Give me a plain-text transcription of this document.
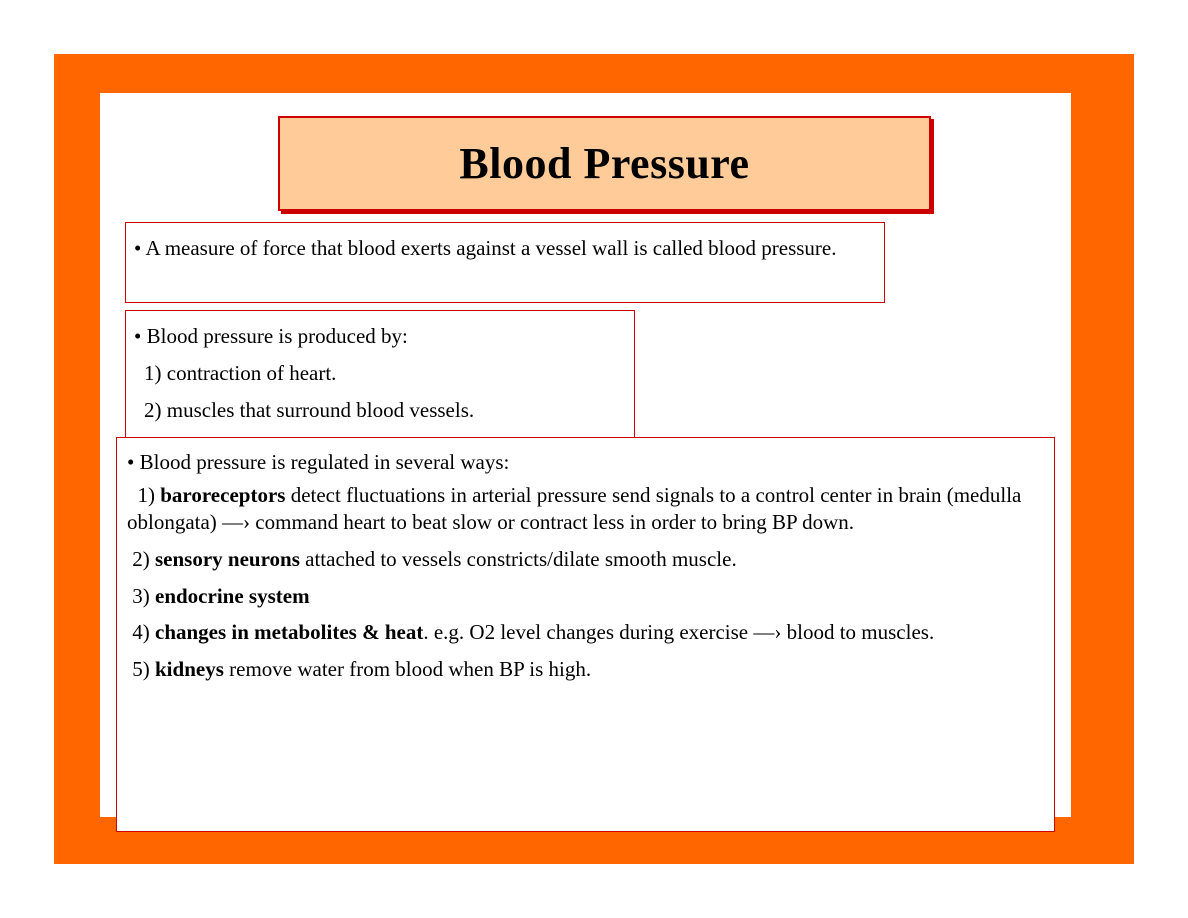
Blood Pressure

• A measure of force that blood exerts against a vessel wall is called blood pressure.

• Blood pressure is produced by:

1) contraction of heart.

2) muscles that surround blood vessels.

• Blood pressure is regulated in several ways:

1) baroreceptors detect fluctuations in arterial pressure send signals to a control center in brain (medulla oblongata) —› command heart to beat slow or contract less in order to bring BP down.

2) sensory neurons attached to vessels constricts/dilate smooth muscle.

3) endocrine system

4) changes in metabolites & heat. e.g. O2 level changes during exercise —› blood to muscles.

5) kidneys remove water from blood when BP is high.
